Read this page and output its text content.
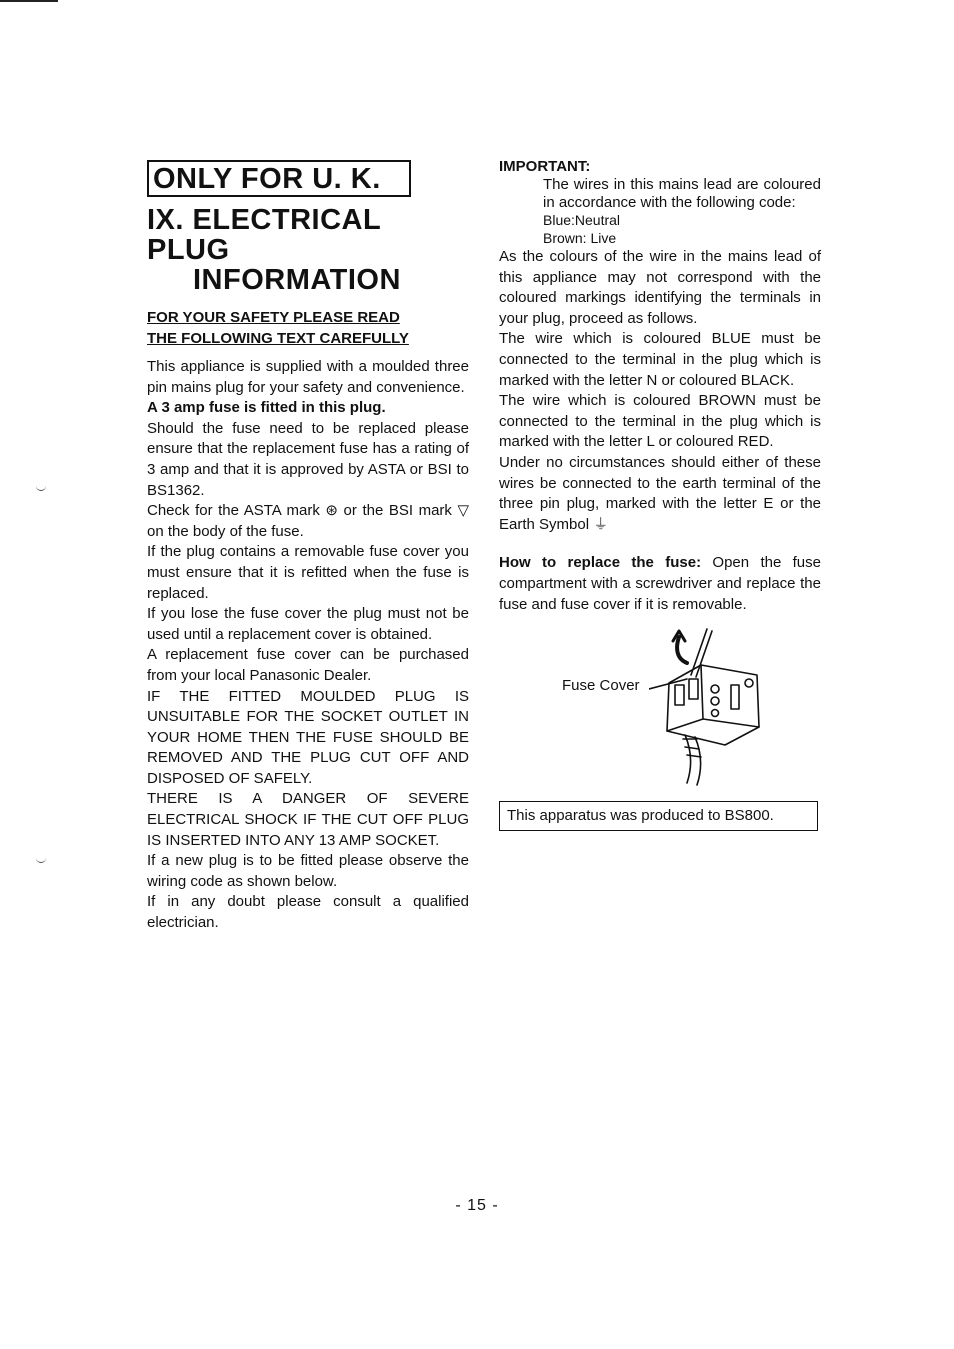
ONLY FOR U. K.
IX. ELECTRICAL PLUG
INFORMATION
FOR YOUR SAFETY PLEASE READ
THE FOLLOWING TEXT CAREFULLY

This appliance is supplied with a moulded three pin mains plug for your safety and convenience.

A 3 amp fuse is fitted in this plug.

Should the fuse need to be replaced please ensure that the replacement fuse has a rating of 3 amp and that it is approved by ASTA or BSI to BS1362.

Check for the ASTA mark ⊛ or the BSI mark ▽ on the body of the fuse.

If the plug contains a removable fuse cover you must ensure that it is refitted when the fuse is replaced.

If you lose the fuse cover the plug must not be used until a replacement cover is obtained.

A replacement fuse cover can be purchased from your local Panasonic Dealer.

IF THE FITTED MOULDED PLUG IS UNSUITABLE FOR THE SOCKET OUTLET IN YOUR HOME THEN THE FUSE SHOULD BE REMOVED AND THE PLUG CUT OFF AND DISPOSED OF SAFELY.

THERE IS A DANGER OF SEVERE ELECTRICAL SHOCK IF THE CUT OFF PLUG IS INSERTED INTO ANY 13 AMP SOCKET.

If a new plug is to be fitted please observe the wiring code as shown below.

If in any doubt please consult a qualified electrician.

IMPORTANT:

The wires in this mains lead are coloured in accordance with the following code:

Blue:Neutral

Brown: Live

As the colours of the wire in the mains lead of this appliance may not correspond with the coloured markings identifying the terminals in your plug, proceed as follows.

The wire which is coloured BLUE must be connected to the terminal in the plug which is marked with the letter N or coloured BLACK.

The wire which is coloured BROWN must be connected to the terminal in the plug which is marked with the letter L or coloured RED.

Under no circumstances should either of these wires be connected to the earth terminal of the three pin plug, marked with the letter E or the Earth Symbol ⏚

How to replace the fuse: Open the fuse compartment with a screwdriver and replace the fuse and fuse cover if it is removable.

Fuse Cover
This apparatus was produced to BS800.
- 15 -
